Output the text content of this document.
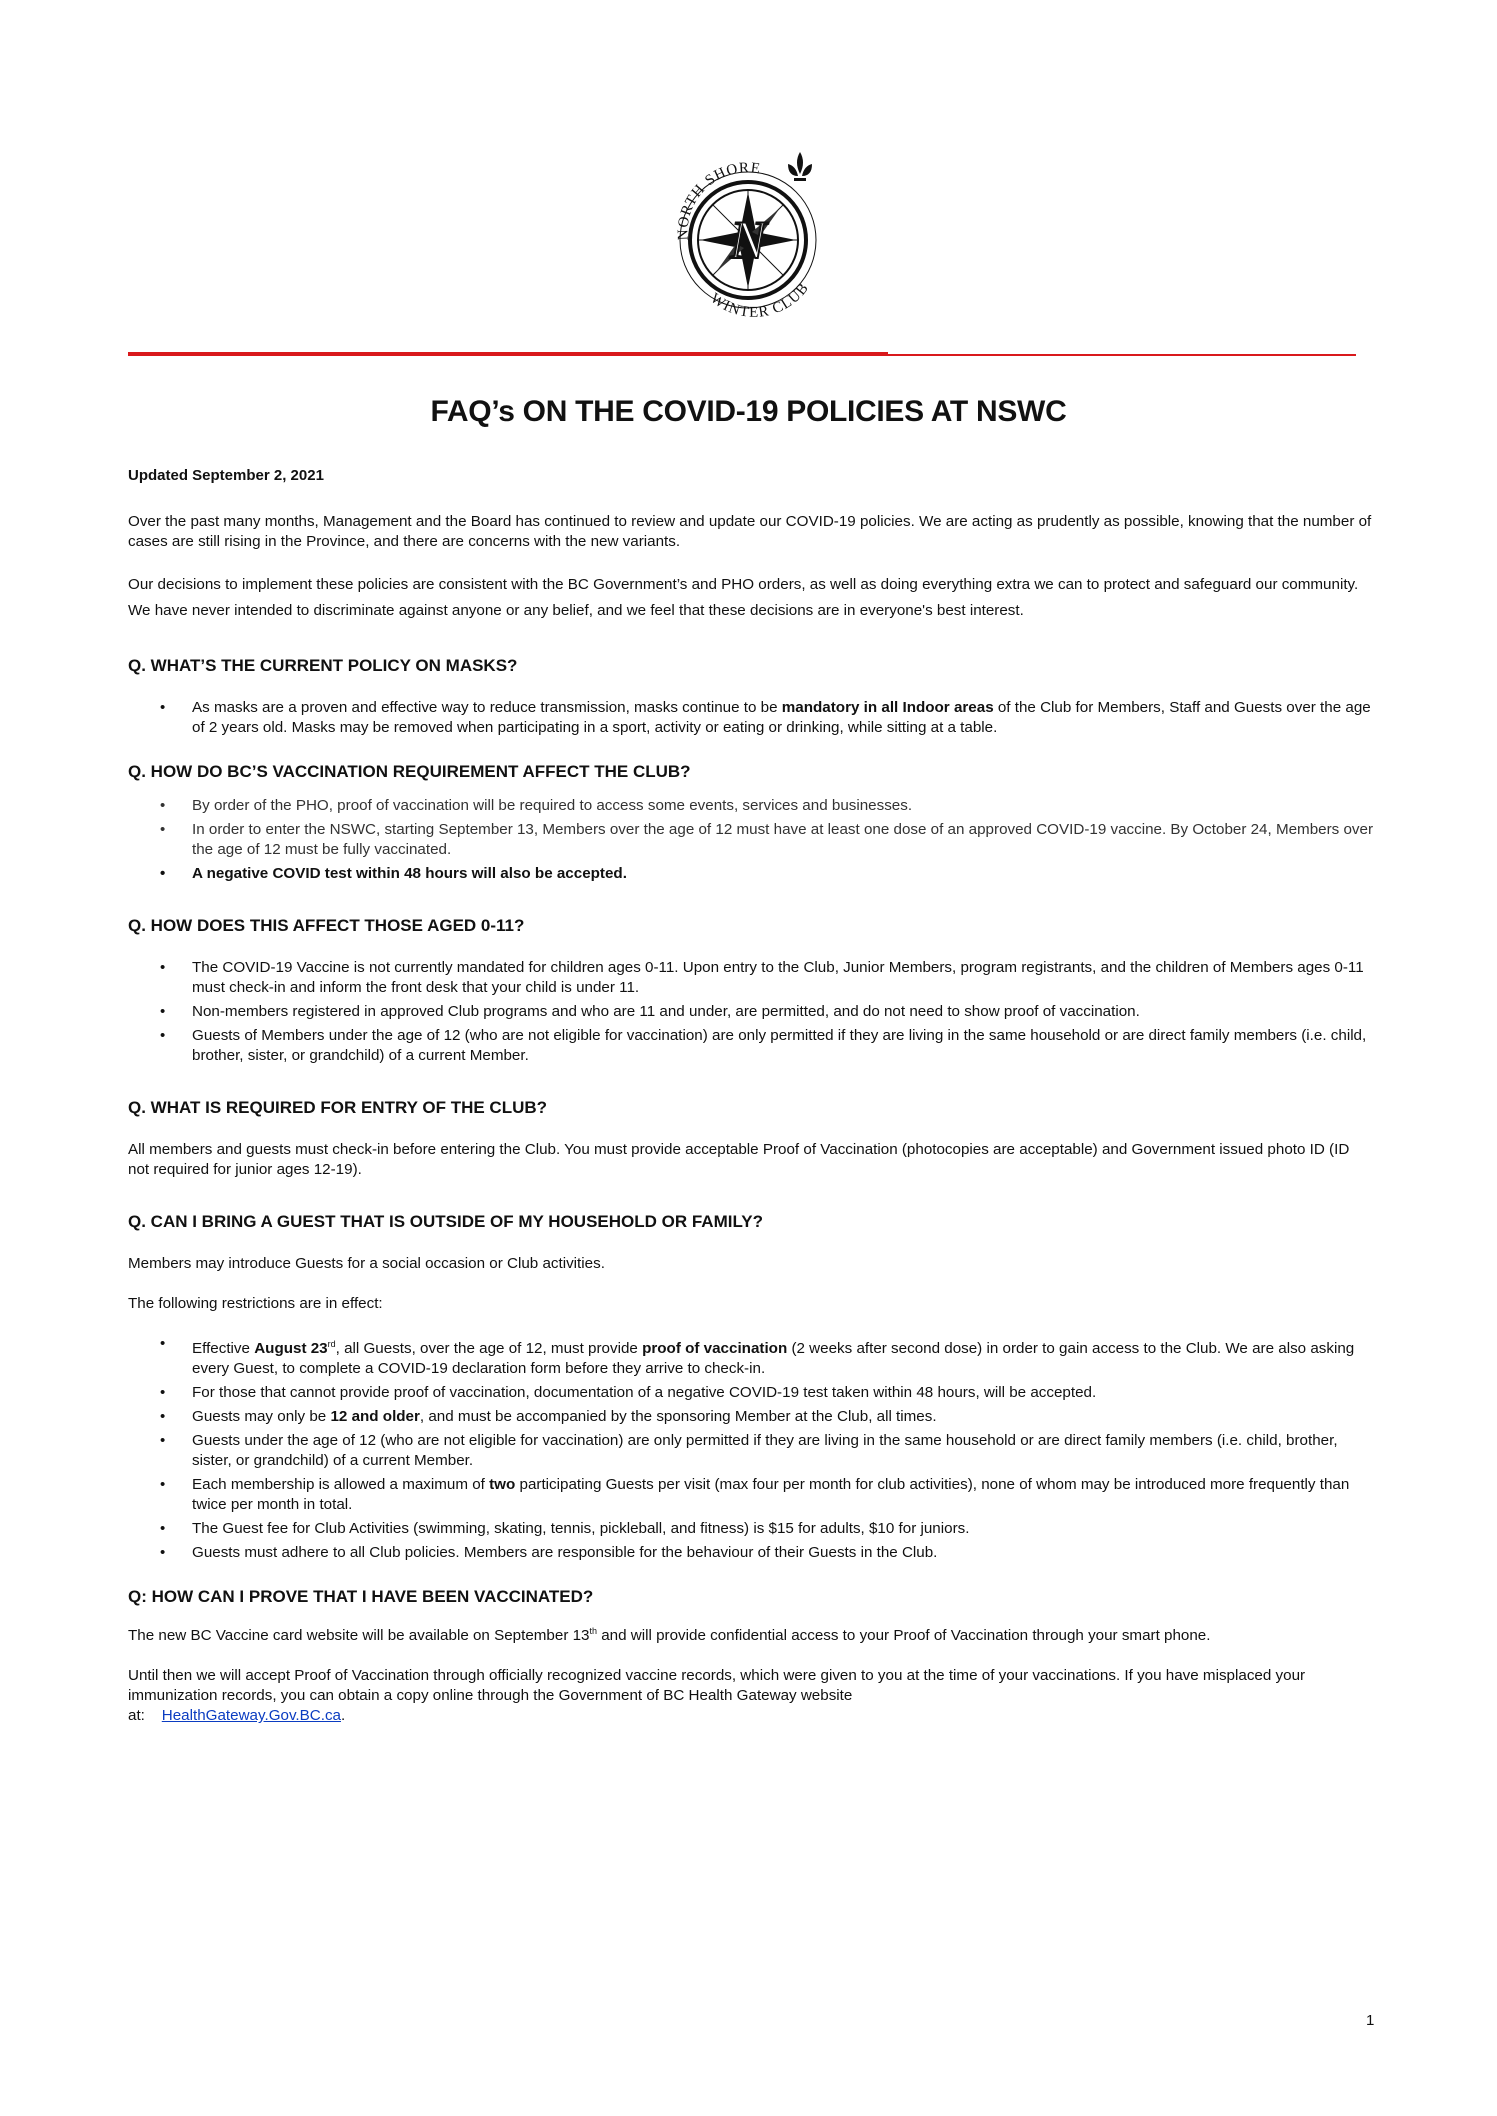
N
NORTH SHORE
WINTER CLUB
FAQ’s ON THE COVID-19 POLICIES AT NSWC
Updated September 2, 2021

Over the past many months, Management and the Board has continued to review and update our COVID-19 policies. We are acting as prudently as possible, knowing that the number of cases are still rising in the Province, and there are concerns with the new variants.

Our decisions to implement these policies are consistent with the BC Government’s and PHO orders, as well as doing everything extra we can to protect and safeguard our community. We have never intended to discriminate against anyone or any belief, and we feel that these decisions are in everyone's best interest.

Q. WHAT’S THE CURRENT POLICY ON MASKS?
• As masks are a proven and effective way to reduce transmission, masks continue to be mandatory in all Indoor areas of the Club for Members, Staff and Guests over the age of 2 years old. Masks may be removed when participating in a sport, activity or eating or drinking, while sitting at a table.
Q. HOW DO BC’S VACCINATION REQUIREMENT AFFECT THE CLUB?
• By order of the PHO, proof of vaccination will be required to access some events, services and businesses.
• In order to enter the NSWC, starting September 13, Members over the age of 12 must have at least one dose of an approved COVID-19 vaccine. By October 24, Members over the age of 12 must be fully vaccinated.
• A negative COVID test within 48 hours will also be accepted.
Q. HOW DOES THIS AFFECT THOSE AGED 0-11?
• The COVID-19 Vaccine is not currently mandated for children ages 0-11. Upon entry to the Club, Junior Members, program registrants, and the children of Members ages 0-11 must check-in and inform the front desk that your child is under 11.
• Non-members registered in approved Club programs and who are 11 and under, are permitted, and do not need to show proof of vaccination.
• Guests of Members under the age of 12 (who are not eligible for vaccination) are only permitted if they are living in the same household or are direct family members (i.e. child, brother, sister, or grandchild) of a current Member.
Q. WHAT IS REQUIRED FOR ENTRY OF THE CLUB?

All members and guests must check-in before entering the Club. You must provide acceptable Proof of Vaccination (photocopies are acceptable) and Government issued photo ID (ID not required for junior ages 12-19).

Q. CAN I BRING A GUEST THAT IS OUTSIDE OF MY HOUSEHOLD OR FAMILY?

Members may introduce Guests for a social occasion or Club activities.

The following restrictions are in effect:

• Effective August 23rd, all Guests, over the age of 12, must provide proof of vaccination (2 weeks after second dose) in order to gain access to the Club. We are also asking every Guest, to complete a COVID-19 declaration form before they arrive to check-in.
• For those that cannot provide proof of vaccination, documentation of a negative COVID-19 test taken within 48 hours, will be accepted.
• Guests may only be 12 and older, and must be accompanied by the sponsoring Member at the Club, all times.
• Guests under the age of 12 (who are not eligible for vaccination) are only permitted if they are living in the same household or are direct family members (i.e. child, brother, sister, or grandchild) of a current Member.
• Each membership is allowed a maximum of two participating Guests per visit (max four per month for club activities), none of whom may be introduced more frequently than twice per month in total.
• The Guest fee for Club Activities (swimming, skating, tennis, pickleball, and fitness) is $15 for adults, $10 for juniors.
• Guests must adhere to all Club policies. Members are responsible for the behaviour of their Guests in the Club.
Q: HOW CAN I PROVE THAT I HAVE BEEN VACCINATED?

The new BC Vaccine card website will be available on September 13th and will provide confidential access to your Proof of Vaccination through your smart phone.

Until then we will accept Proof of Vaccination through officially recognized vaccine records, which were given to you at the time of your vaccinations. If you have misplaced your immunization records, you can obtain a copy online through the Government of BC Health Gateway website
at:    HealthGateway.Gov.BC.ca.

1
